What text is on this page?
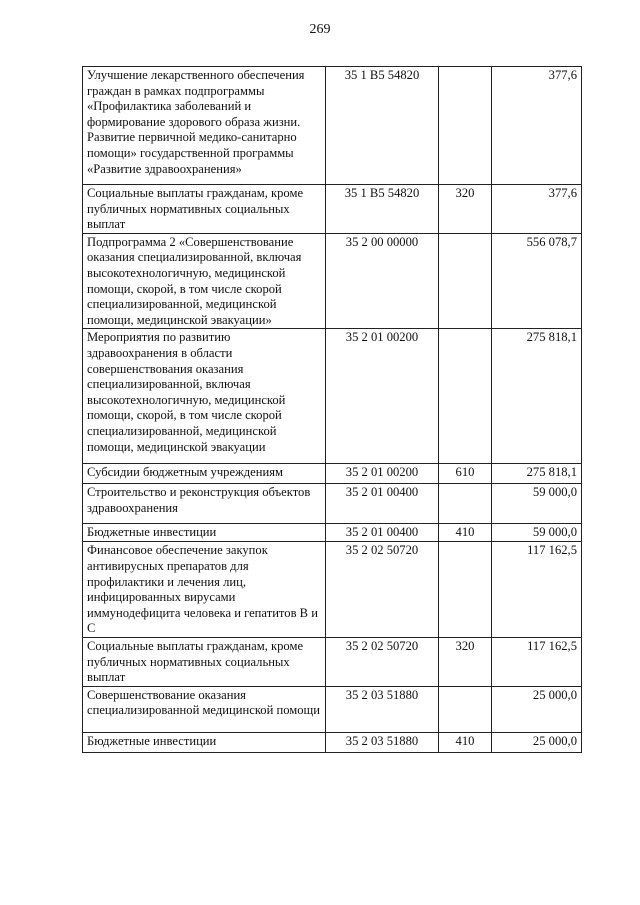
269
Улучшение лекарственного обеспечения граждан в рамках подпрограммы «Профилактика заболеваний и формирование здорового образа жизни. Развитие первичной медико-санитарно помощи» государственной программы «Развитие здравоохранения»	35 1 В5 54820		377,6
Социальные выплаты гражданам, кроме публичных нормативных социальных выплат	35 1 В5 54820	320	377,6
Подпрограмма 2 «Совершенствование оказания специализированной, включая высокотехнологичную, медицинской помощи, скорой, в том числе скорой специализированной, медицинской помощи, медицинской эвакуации»	35 2 00 00000		556 078,7
Мероприятия по развитию здравоохранения в области совершенствования оказания специализированной, включая высокотехнологичную, медицинской помощи, скорой, в том числе скорой специализированной, медицинской помощи, медицинской эвакуации	35 2 01 00200		275 818,1
Субсидии бюджетным учреждениям	35 2 01 00200	610	275 818,1
Строительство и реконструкция объектов здравоохранения	35 2 01 00400		59 000,0
Бюджетные инвестиции	35 2 01 00400	410	59 000,0
Финансовое обеспечение закупок антивирусных препаратов для профилактики и лечения лиц, инфицированных вирусами иммунодефицита человека и гепатитов В и С	35 2 02 50720		117 162,5
Социальные выплаты гражданам, кроме публичных нормативных социальных выплат	35 2 02 50720	320	117 162,5
Совершенствование оказания специализированной медицинской помощи	35 2 03 51880		25 000,0
Бюджетные инвестиции	35 2 03 51880	410	25 000,0
